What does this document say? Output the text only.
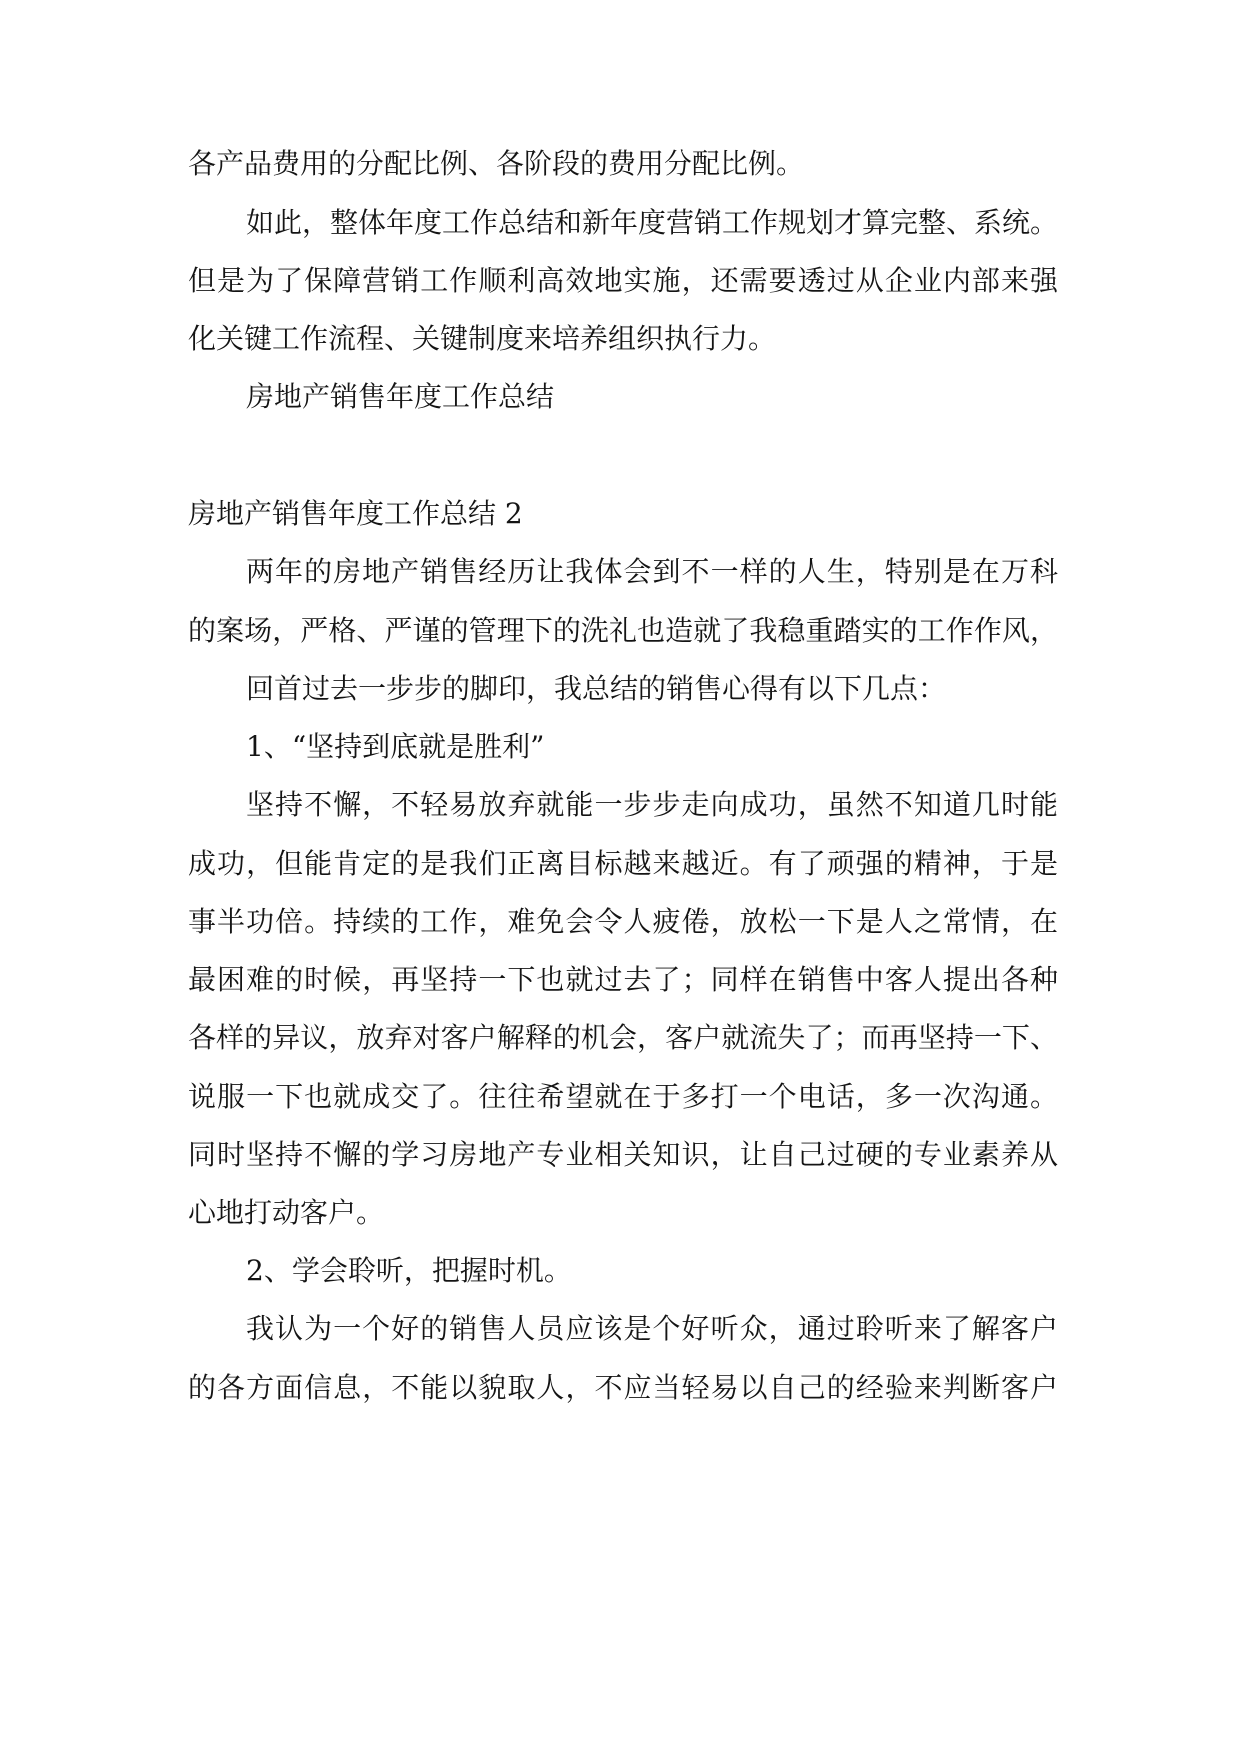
各产品费用的分配比例、各阶段的费用分配比例。
如此，整体年度工作总结和新年度营销工作规划才算完整、系统。
但是为了保障营销工作顺利高效地实施，还需要透过从企业内部来强
化关键工作流程、关键制度来培养组织执行力。
房地产销售年度工作总结
房地产销售年度工作总结 2
两年的房地产销售经历让我体会到不一样的人生，特别是在万科
的案场，严格、严谨的管理下的洗礼也造就了我稳重踏实的工作作风，
回首过去一步步的脚印，我总结的销售心得有以下几点：
1、“坚持到底就是胜利”
坚持不懈，不轻易放弃就能一步步走向成功，虽然不知道几时能
成功，但能肯定的是我们正离目标越来越近。有了顽强的精神，于是
事半功倍。持续的工作，难免会令人疲倦，放松一下是人之常情，在
最困难的时候，再坚持一下也就过去了；同样在销售中客人提出各种
各样的异议，放弃对客户解释的机会，客户就流失了；而再坚持一下、
说服一下也就成交了。往往希望就在于多打一个电话，多一次沟通。
同时坚持不懈的学习房地产专业相关知识，让自己过硬的专业素养从
心地打动客户。
2、学会聆听，把握时机。
我认为一个好的销售人员应该是个好听众，通过聆听来了解客户
的各方面信息，不能以貌取人，不应当轻易以自己的经验来判断客户
